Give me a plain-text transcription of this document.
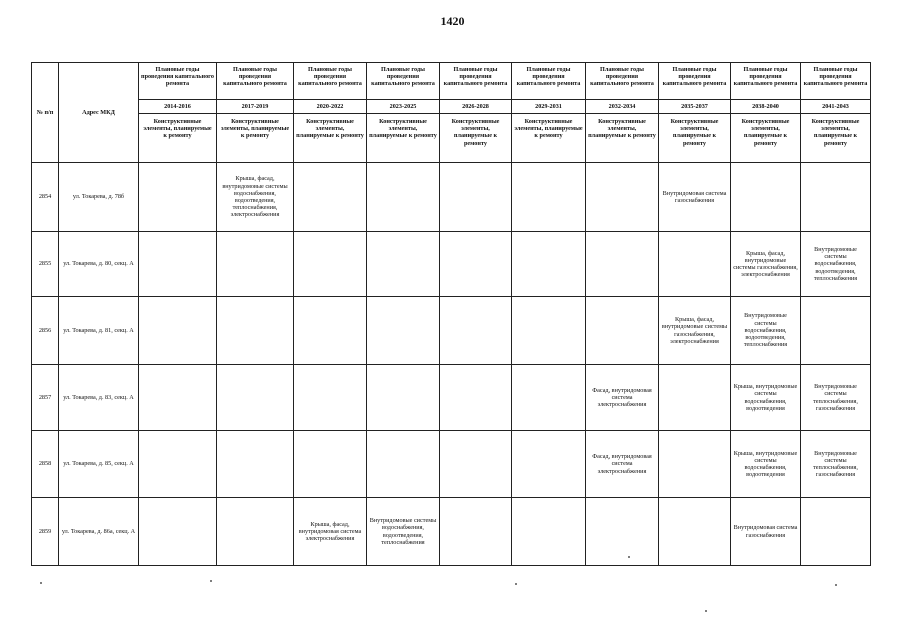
1420
№ п/п	Адрес МКД	Плановые годы проведения капитального ремонта	Плановые годы проведения капитального ремонта	Плановые годы проведения капитального ремонта	Плановые годы проведения капитального ремонта	Плановые годы проведения капитального ремонта	Плановые годы проведения капитального ремонта	Плановые годы проведения капитального ремонта	Плановые годы проведения капитального ремонта	Плановые годы проведения капитального ремонта	Плановые годы проведения капитального ремонта
		2014-2016	2017-2019	2020-2022	2023-2025	2026-2028	2029-2031	2032-2034	2035-2037	2038-2040	2041-2043
		Конструктивные элементы, планируемые к ремонту	Конструктивные элементы, планируемые к ремонту	Конструктивные элементы, планируемые к ремонту	Конструктивные элементы, планируемые к ремонту	Конструктивные элементы, планируемые к ремонту	Конструктивные элементы, планируемые к ремонту	Конструктивные элементы, планируемые к ремонту	Конструктивные элементы, планируемые к ремонту	Конструктивные элементы, планируемые к ремонту	Конструктивные элементы, планируемые к ремонту
2854	ул. Токарева, д. 78б		Крыша, фасад, внутридомовые системы водоснабжения, водоотведения, теплоснабжения, электроснабжения						Внутридомовая система газоснабжения		
2855	ул. Токарева, д. 80, секц. А									Крыша, фасад, внутридомовые системы газоснабжения, электроснабжения	Внутридомовые системы водоснабжения, водоотведения, теплоснабжения
2856	ул. Токарева, д. 81, секц. А								Крыша, фасад, внутридомовые системы газоснабжения, электроснабжения	Внутридомовые системы водоснабжения, водоотведения, теплоснабжения	
2857	ул. Токарева, д. 83, секц. А							Фасад, внутридомовая система электроснабжения		Крыша, внутридомовые системы водоснабжения, водоотведения	Внутридомовые системы теплоснабжения, газоснабжения
2858	ул. Токарева, д. 85, секц. А							Фасад, внутридомовая система электроснабжения		Крыша, внутридомовые системы водоснабжения, водоотведения	Внутридомовые системы теплоснабжения, газоснабжения
2859	ул. Токарева, д. 86а, секц. А			Крыша, фасад, внутридомовая система электроснабжения	Внутридомовые системы водоснабжения, водоотведения, теплоснабжения					Внутридомовая система газоснабжения	
